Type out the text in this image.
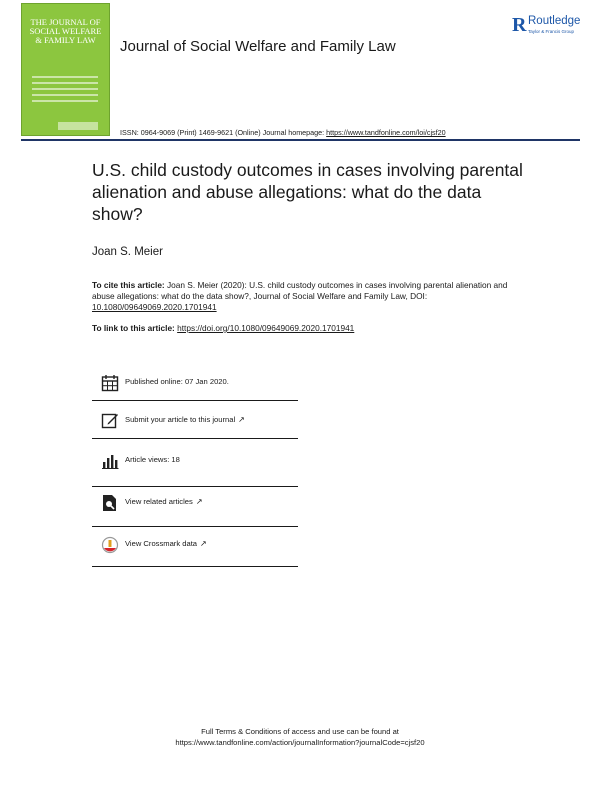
THE JOURNAL OF SOCIAL WELFARE & FAMILY LAW	Journal of Social Welfare and Family Law
R Routledge
Taylor & Francis Group
ISSN: 0964-9069 (Print) 1469-9621 (Online) Journal homepage: https://www.tandfonline.com/loi/cjsf20
U.S. child custody outcomes in cases involving parental alienation and abuse allegations: what do the data show?
Joan S. Meier
To cite this article: Joan S. Meier (2020): U.S. child custody outcomes in cases involving parental alienation and abuse allegations: what do the data show?, Journal of Social Welfare and Family Law, DOI: 10.1080/09649069.2020.1701941
To link to this article: https://doi.org/10.1080/09649069.2020.1701941
Published online: 07 Jan 2020.
Submit your article to this journal ↗
Article views: 18
View related articles ↗
View Crossmark data ↗
Full Terms & Conditions of access and use can be found at
https://www.tandfonline.com/action/journalInformation?journalCode=cjsf20
